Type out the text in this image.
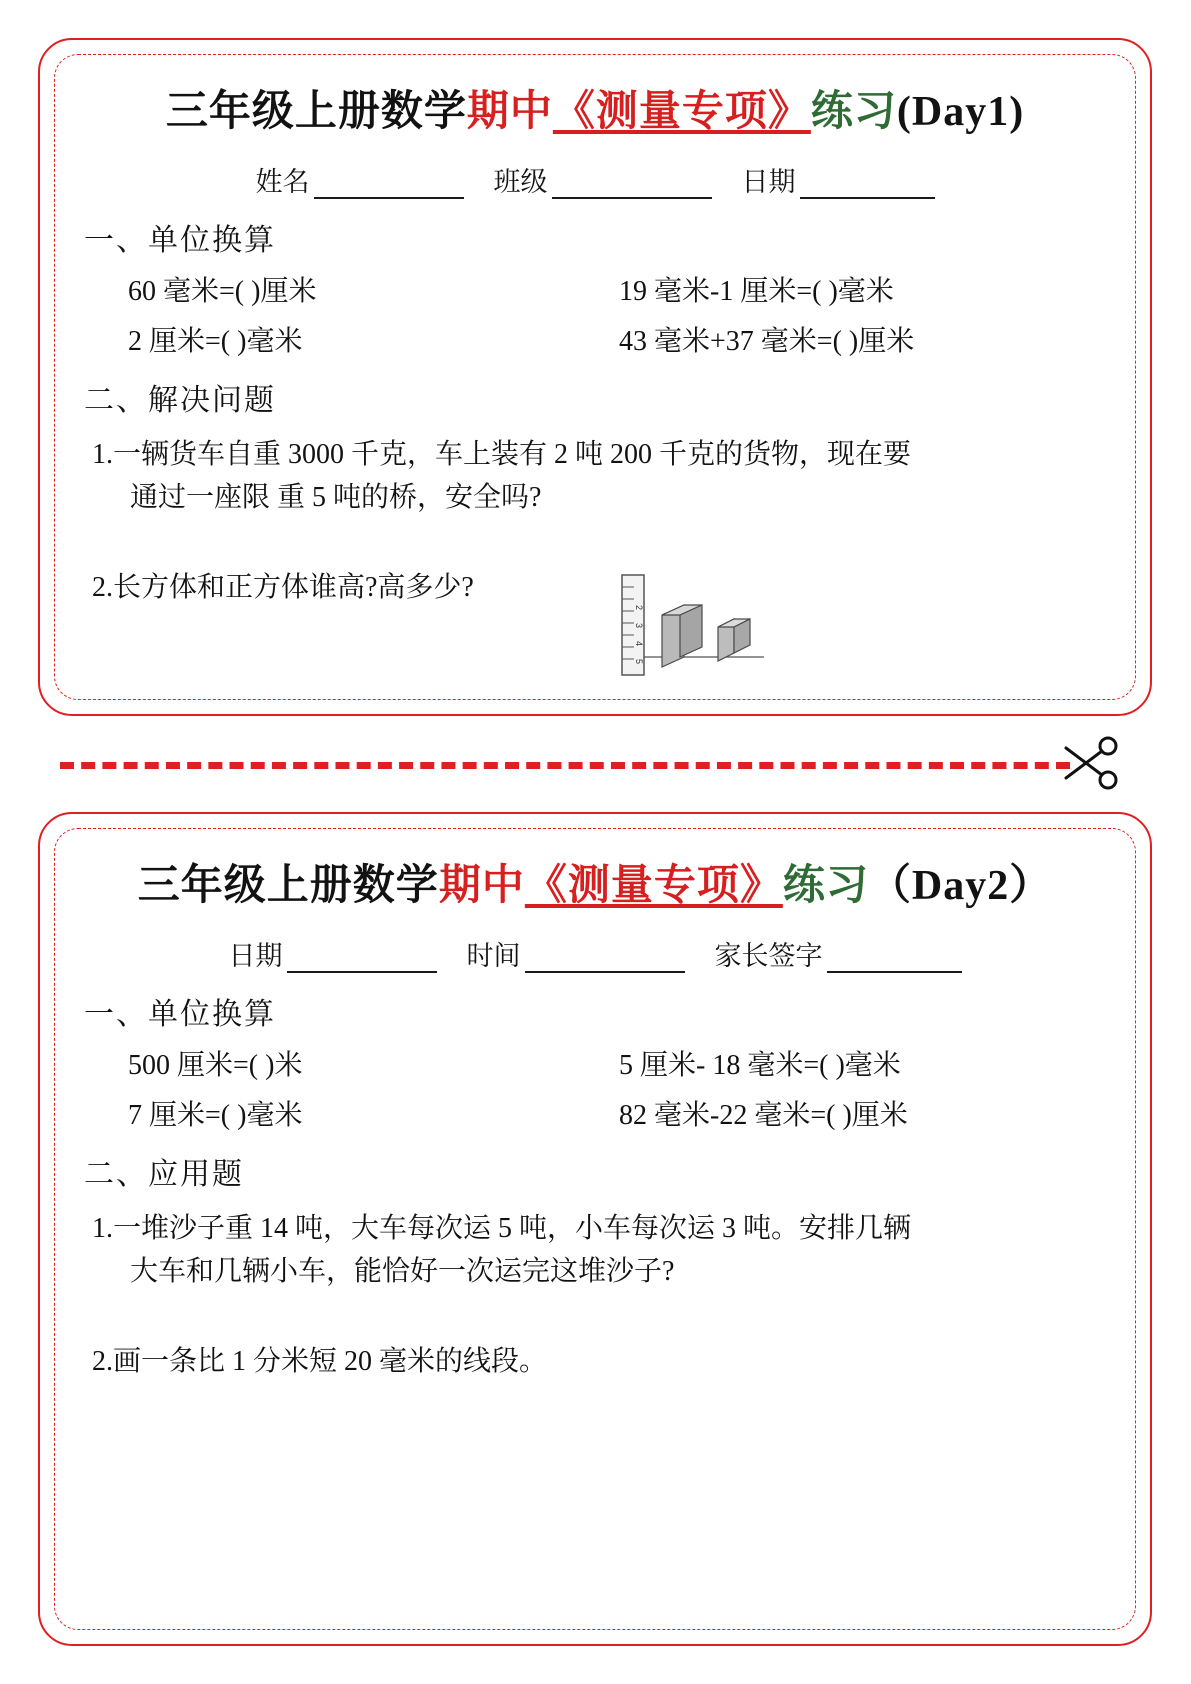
三年级上册数学期中《测量专项》练习(Day1)
姓名	班级	日期
一、单位换算
60 毫米=( )厘米	19 毫米-1 厘米=( )毫米
2 厘米=( )毫米	43 毫米+37 毫米=( )厘米
二、解决问题
1.一辆货车自重 3000 千克，车上装有 2 吨 200 千克的货物，现在要
通过一座限 重 5 吨的桥，安全吗?
2.长方体和正方体谁高?高多少?
2
3
4
5
三年级上册数学期中《测量专项》练习（Day2）
日期	时间	家长签字
一、单位换算
500 厘米=( )米	5 厘米- 18 毫米=( )毫米
7 厘米=( )毫米	82 毫米-22 毫米=( )厘米
二、应用题
1.一堆沙子重 14 吨，大车每次运 5 吨，小车每次运 3 吨。安排几辆
大车和几辆小车，能恰好一次运完这堆沙子?
2.画一条比 1 分米短 20 毫米的线段。
